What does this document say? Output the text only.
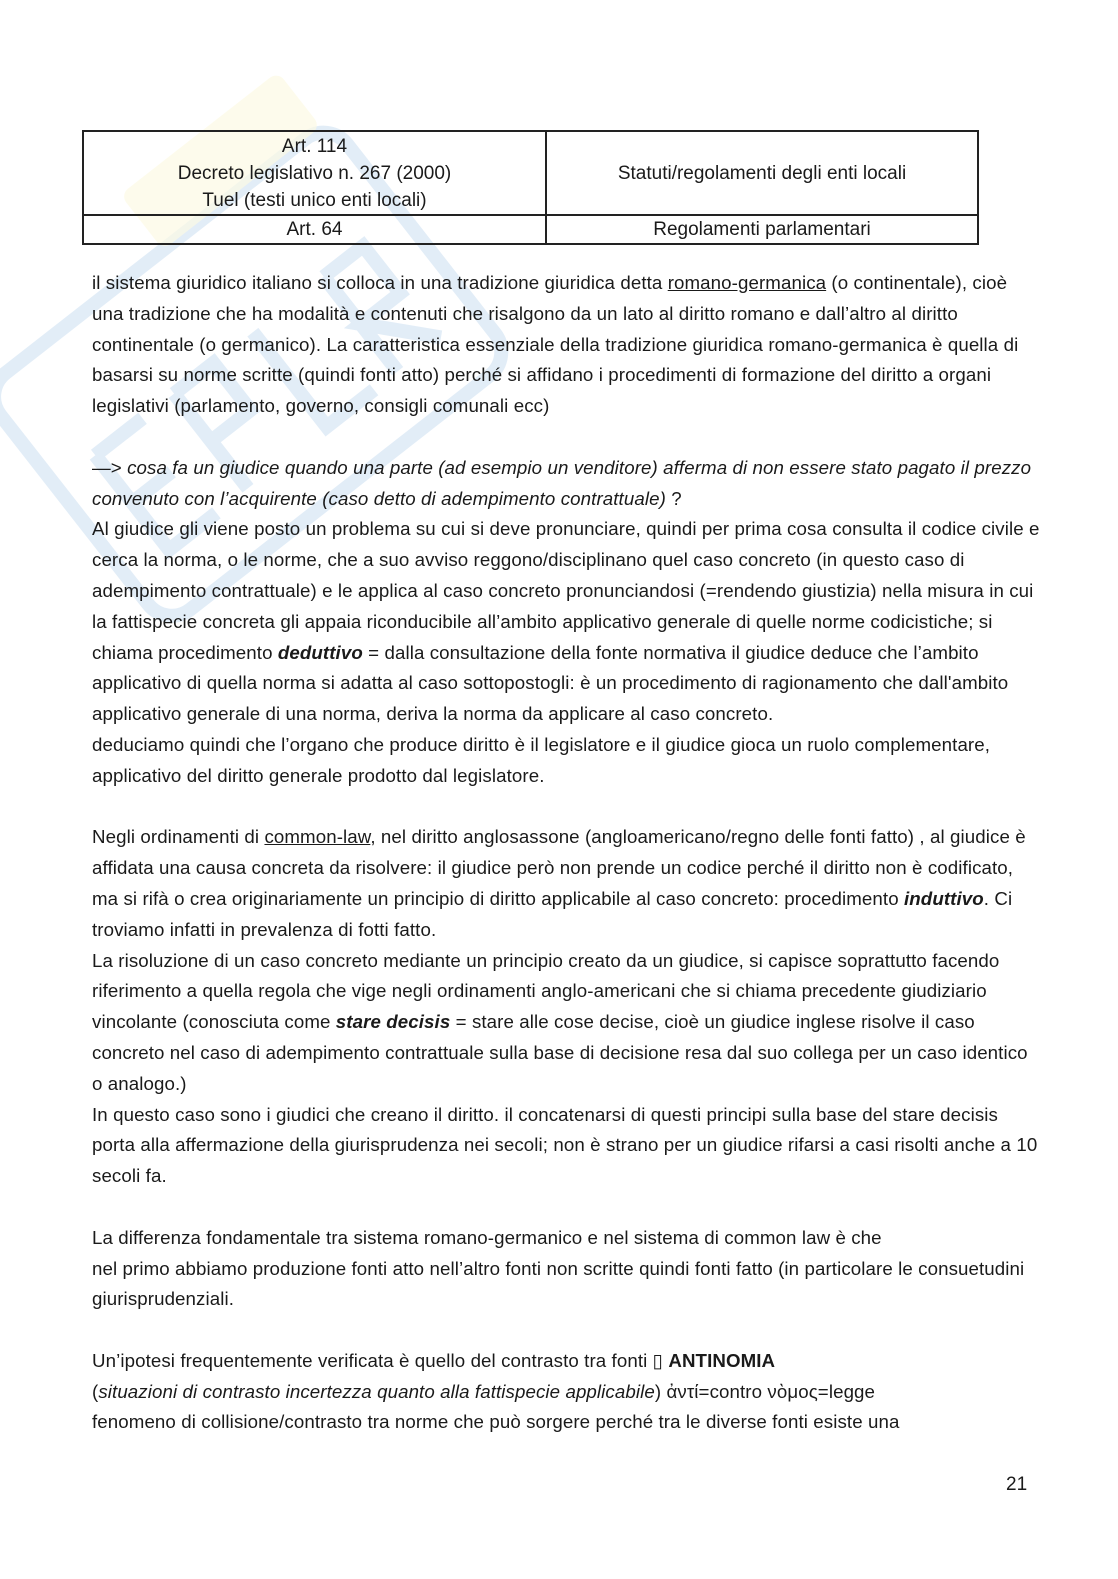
Art. 114
Decreto legislativo n. 267 (2000)
Tuel (testi unico enti locali)	Statuti/regolamenti degli enti locali
Art. 64	Regolamenti parlamentari

il sistema giuridico italiano si colloca in una tradizione giuridica detta romano-germanica (o continentale), cioè una tradizione che ha modalità e contenuti che risalgono da un lato al diritto romano e dall’altro al diritto continentale (o germanico). La caratteristica essenziale della tradizione giuridica romano-germanica è quella di basarsi su norme scritte (quindi fonti atto) perché si affidano i procedimenti di formazione del diritto a organi legislativi (parlamento, governo, consigli comunali ecc)

—> cosa fa un giudice quando una parte (ad esempio un venditore) afferma di non essere stato pagato il prezzo convenuto con l’acquirente (caso detto di adempimento contrattuale) ?

Al giudice gli viene posto un problema su cui si deve pronunciare, quindi per prima cosa consulta il codice civile e cerca la norma, o le norme, che a suo avviso reggono/disciplinano quel caso concreto (in questo caso di adempimento contrattuale) e le applica al caso concreto pronunciandosi (=rendendo giustizia) nella misura in cui la fattispecie concreta gli appaia riconducibile all’ambito applicativo generale di quelle norme codicistiche; si chiama procedimento deduttivo = dalla consultazione della fonte normativa il giudice deduce che l’ambito applicativo di quella norma si adatta al caso sottopostogli: è un procedimento di ragionamento che dall'ambito applicativo generale di una norma, deriva la norma da applicare al caso concreto.

deduciamo quindi che l’organo che produce diritto è il legislatore e il giudice gioca un ruolo complementare, applicativo del diritto generale prodotto dal legislatore.

Negli ordinamenti di common-law, nel diritto anglosassone (angloamericano/regno delle fonti fatto) , al giudice è affidata una causa concreta da risolvere: il giudice però non prende un codice perché il diritto non è codificato, ma si rifà o crea originariamente un principio di diritto applicabile al caso concreto: procedimento induttivo. Ci troviamo infatti in prevalenza di fotti fatto.

La risoluzione di un caso concreto mediante un principio creato da un giudice, si capisce soprattutto facendo riferimento a quella regola che vige negli ordinamenti anglo-americani che si chiama precedente giudiziario vincolante (conosciuta come stare decisis = stare alle cose decise, cioè un giudice inglese risolve il caso concreto nel caso di adempimento contrattuale sulla base di decisione resa dal suo collega per un caso identico o analogo.)

In questo caso sono i giudici che creano il diritto. il concatenarsi di questi principi sulla base del stare decisis porta alla affermazione della giurisprudenza nei secoli; non è strano per un giudice rifarsi a casi risolti anche a 10 secoli fa.

La differenza fondamentale tra sistema romano-germanico e nel sistema di common law è che

nel primo abbiamo produzione fonti atto nell’altro fonti non scritte quindi fonti fatto (in particolare le consuetudini giurisprudenziali.

Un’ipotesi frequentemente verificata è quello del contrasto tra fonti ▯ ANTINOMIA
(situazioni di contrasto incertezza quanto alla fattispecie applicabile) ἀντί=contro νὸμος=legge
fenomeno di collisione/contrasto tra norme che può sorgere perché tra le diverse fonti esiste una

21
